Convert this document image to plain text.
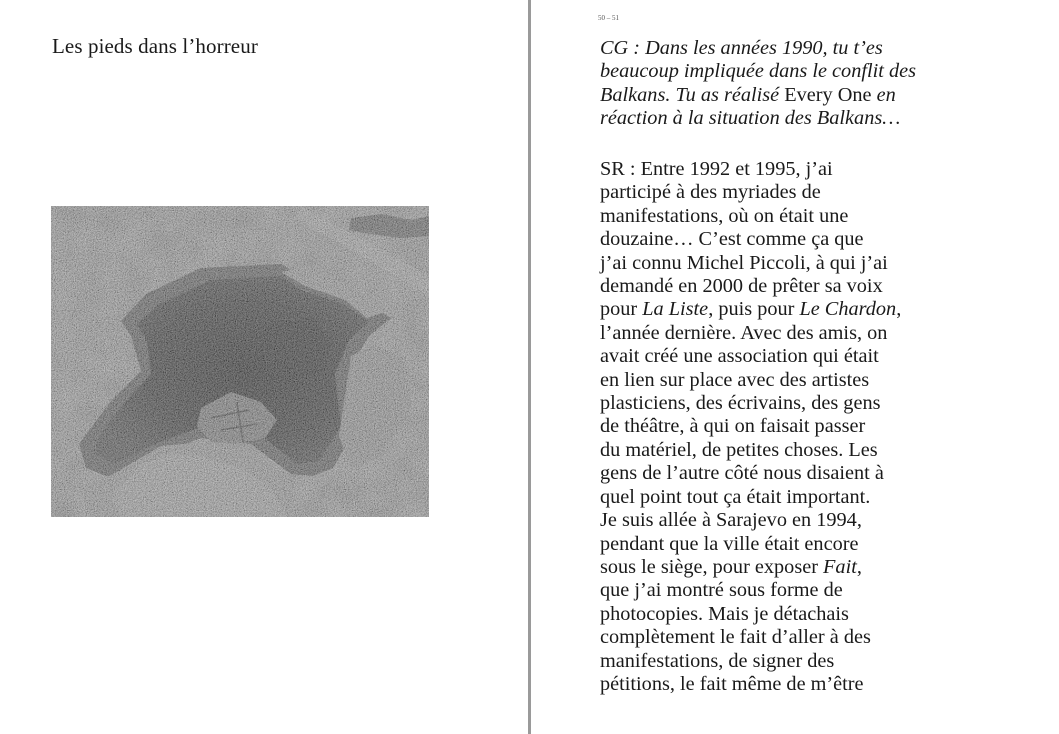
Les pieds dans l’horreur
50 – 51

CG : Dans les années 1990, tu t’es
beaucoup impliquée dans le conflit des
Balkans. Tu as réalisé Every One en
réaction à la situation des Balkans…

SR : Entre 1992 et 1995, j’ai
participé à des myriades de
manifestations, où on était une
douzaine… C’est comme ça que
j’ai connu Michel Piccoli, à qui j’ai
demandé en 2000 de prêter sa voix
pour La Liste, puis pour Le Chardon,
l’année dernière. Avec des amis, on
avait créé une association qui était
en lien sur place avec des artistes
plasticiens, des écrivains, des gens
de théâtre, à qui on faisait passer
du matériel, de petites choses. Les
gens de l’autre côté nous disaient à
quel point tout ça était important.
Je suis allée à Sarajevo en 1994,
pendant que la ville était encore
sous le siège, pour exposer Fait,
que j’ai montré sous forme de
photocopies. Mais je détachais
complètement le fait d’aller à des
manifestations, de signer des
pétitions, le fait même de m’être
